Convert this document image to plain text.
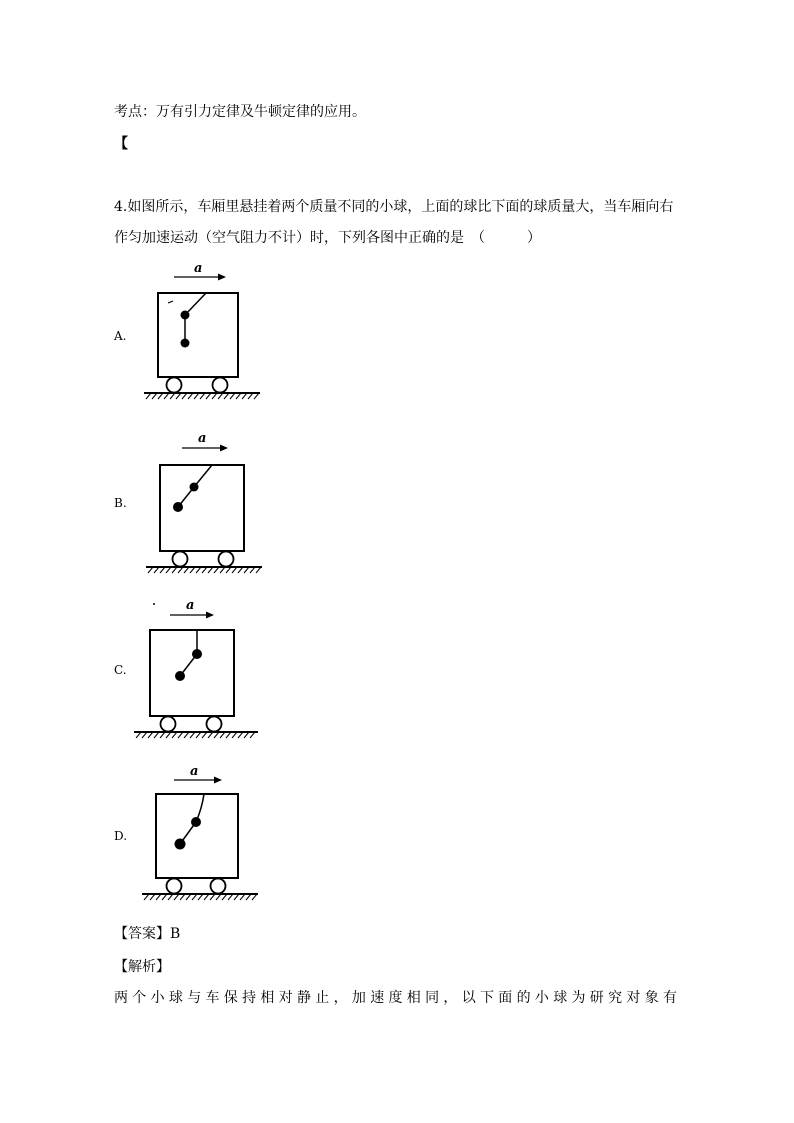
考点：万有引力定律及牛顿定律的应用。
【
4.如图所示，车厢里悬挂着两个质量不同的小球，上面的球比下面的球质量大，当车厢向右
作匀加速运动（空气阻力不计）时，下列各图中正确的是　（　　　）
A.
a
B.
a
C.
a
D.
a
【答案】B
【解析】
两个小球与车保持相对静止，加速度相同，以下面的小球为研究对象有
